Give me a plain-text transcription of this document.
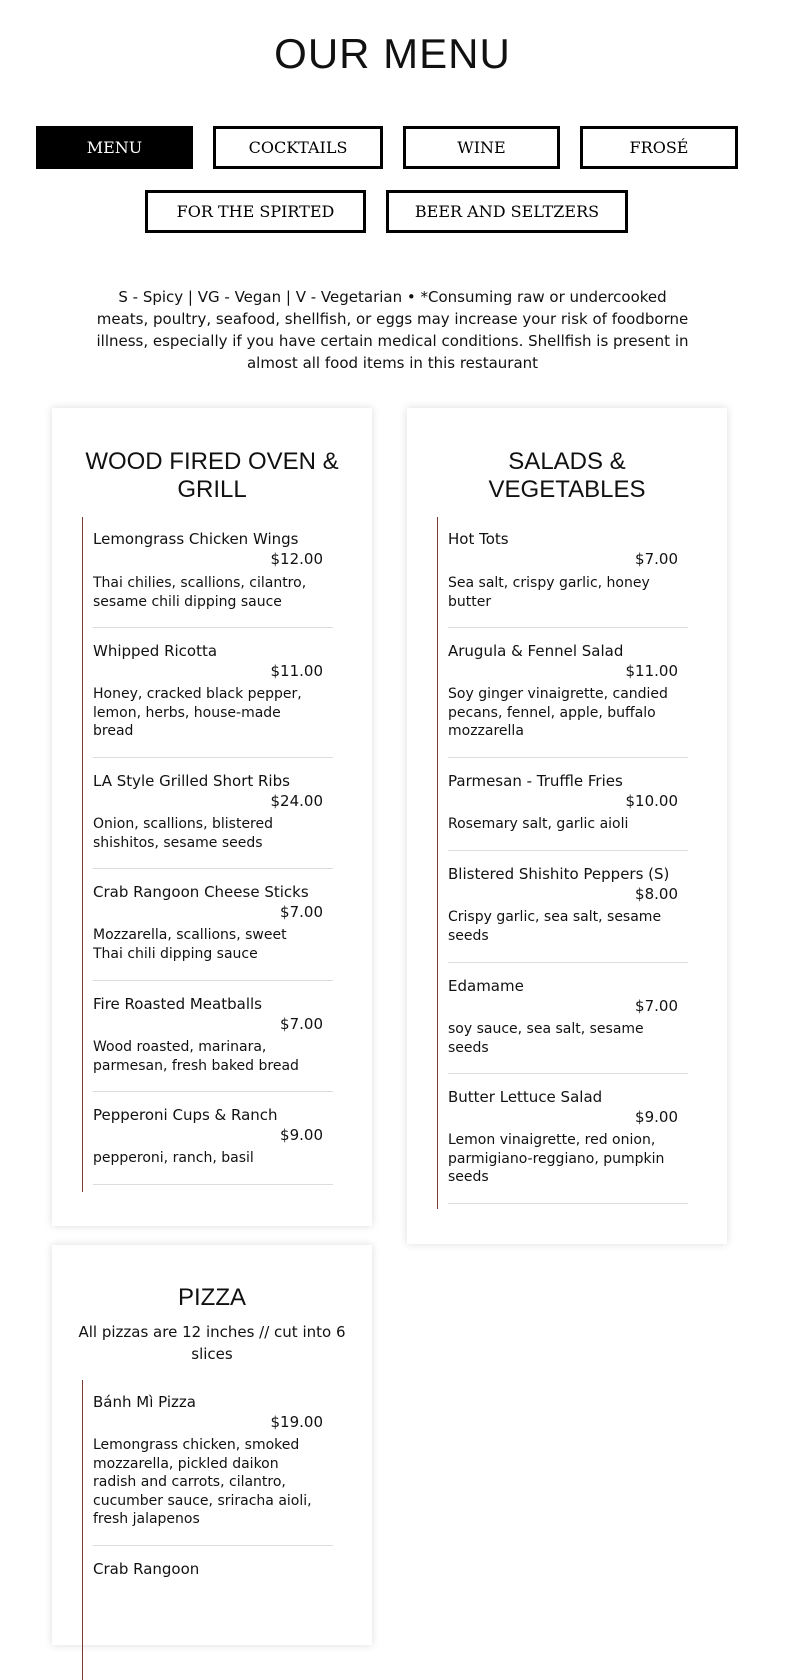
OUR MENU
MENU	COCKTAILS	WINE	FROSÉ
FOR THE SPIRTED	BEER AND SELTZERS
S - Spicy | VG - Vegan | V - Vegetarian • *Consuming raw or undercooked meats, poultry, seafood, shellfish, or eggs may increase your risk of foodborne illness, especially if you have certain medical conditions. Shellfish is present in almost all food items in this restaurant
WOOD FIRED OVEN & GRILL
Lemongrass Chicken Wings
$12.00
Thai chilies, scallions, cilantro, sesame chili dipping sauce
Whipped Ricotta
$11.00
Honey, cracked black pepper, lemon, herbs, house-made bread
LA Style Grilled Short Ribs
$24.00
Onion, scallions, blistered shishitos, sesame seeds
Crab Rangoon Cheese Sticks
$7.00
Mozzarella, scallions, sweet Thai chili dipping sauce
Fire Roasted Meatballs
$7.00
Wood roasted, marinara, parmesan, fresh baked bread
Pepperoni Cups & Ranch
$9.00
pepperoni, ranch, basil
SALADS & VEGETABLES
Hot Tots
$7.00
Sea salt, crispy garlic, honey butter
Arugula & Fennel Salad
$11.00
Soy ginger vinaigrette, candied pecans, fennel, apple, buffalo mozzarella
Parmesan - Truffle Fries
$10.00
Rosemary salt, garlic aioli
Blistered Shishito Peppers (S)
$8.00
Crispy garlic, sea salt, sesame seeds
Edamame
$7.00
soy sauce, sea salt, sesame seeds
Butter Lettuce Salad
$9.00
Lemon vinaigrette, red onion, parmigiano-reggiano, pumpkin seeds
PIZZA
All pizzas are 12 inches // cut into 6 slices
Bánh Mì Pizza
$19.00
Lemongrass chicken, smoked mozzarella, pickled daikon radish and carrots, cilantro, cucumber sauce, sriracha aioli, fresh jalapenos
Crab Rangoon
